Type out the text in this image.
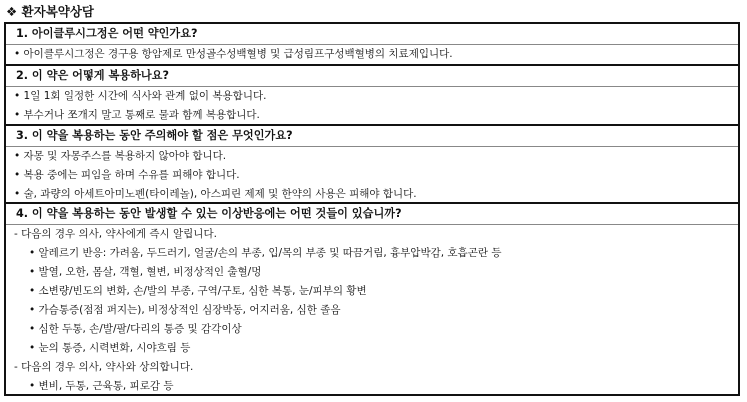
❖ 환자복약상담
1. 아이클루시그정은 어떤 약인가요?
• 아이클루시그정은 경구용 항암제로 만성골수성백혈병 및 급성림프구성백혈병의 치료제입니다.
2. 이 약은 어떻게 복용하나요?
• 1일 1회 일정한 시간에 식사와 관계 없이 복용합니다.
• 부수거나 쪼개지 말고 통째로 물과 함께 복용합니다.
3. 이 약을 복용하는 동안 주의해야 할 점은 무엇인가요?
• 자몽 및 자몽주스를 복용하지 않아야 합니다.
• 복용 중에는 피임을 하며 수유를 피해야 합니다.
• 술, 과량의 아세트아미노펜(타이레놀), 아스피린 제제 및 한약의 사용은 피해야 합니다.
4. 이 약을 복용하는 동안 발생할 수 있는 이상반응에는 어떤 것들이 있습니까?
- 다음의 경우 의사, 약사에게 즉시 알립니다.
• 알레르기 반응: 가려움, 두드러기, 얼굴/손의 부종, 입/목의 부종 및 따끔거림, 흉부압박감, 호흡곤란 등
• 발열, 오한, 몸살, 객혈, 혈변, 비정상적인 출혈/멍
• 소변량/빈도의 변화, 손/발의 부종, 구역/구토, 심한 복통, 눈/피부의 황변
• 가슴통증(점점 퍼지는), 비정상적인 심장박동, 어지러움, 심한 졸음
• 심한 두통, 손/발/팔/다리의 통증 및 감각이상
• 눈의 통증, 시력변화, 시야흐림 등
- 다음의 경우 의사, 약사와 상의합니다.
• 변비, 두통, 근육통, 피로감 등
